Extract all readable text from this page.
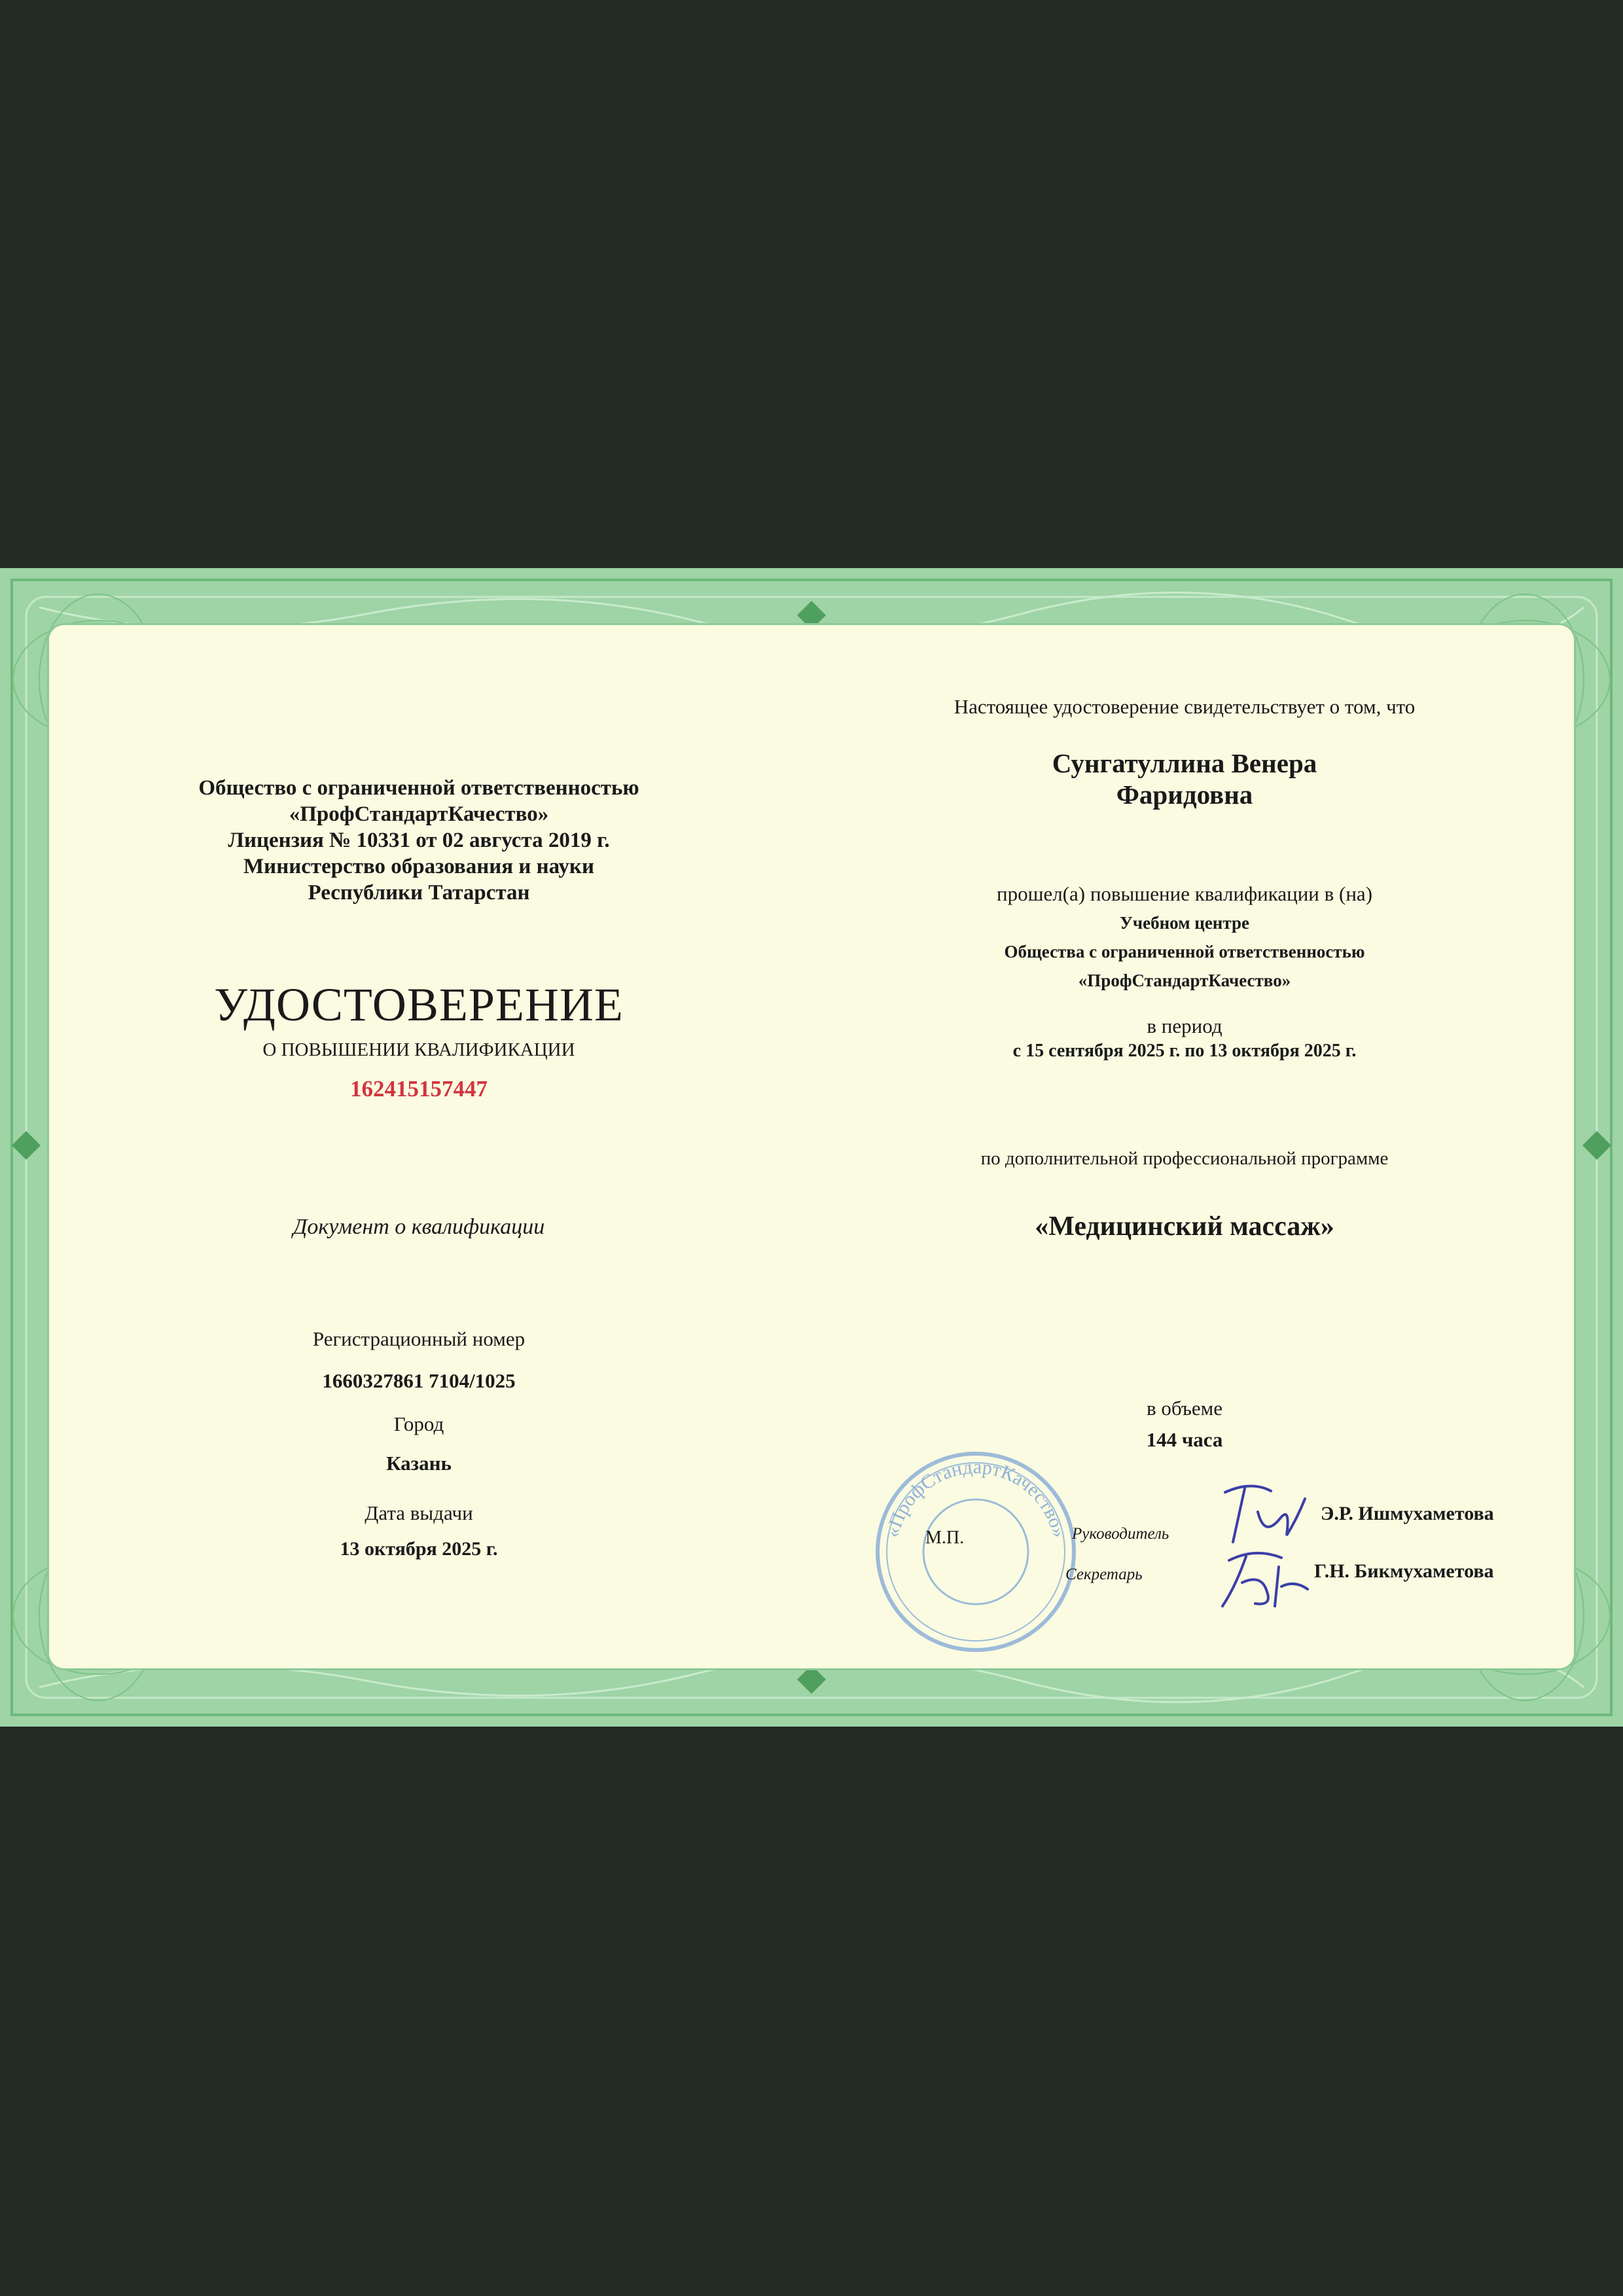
Общество с ограниченной ответственностью
«ПрофСтандартКачество»
Лицензия № 10331 от 02 августа 2019 г.
Министерство образования и науки
Республики Татарстан
УДОСТОВЕРЕНИЕ
О ПОВЫШЕНИИ КВАЛИФИКАЦИИ
162415157447
Документ о квалификации
Регистрационный номер
1660327861 7104/1025
Город
Казань
Дата выдачи
13 октября 2025 г.
Настоящее удостоверение свидетельствует о том, что
Сунгатуллина Венера
Фаридовна
прошел(а) повышение квалификации в (на)
Учебном центре
Общества с ограниченной ответственностью
«ПрофСтандартКачество»
в период
с 15 сентября 2025 г. по 13 октября 2025 г.
по дополнительной профессиональной программе
«Медицинский массаж»
в объеме
144 часа
«ПрофСтандартКачество»
М.П.	Руководитель
Секретарь
Э.Р. Ишмухаметова
Г.Н. Бикмухаметова
